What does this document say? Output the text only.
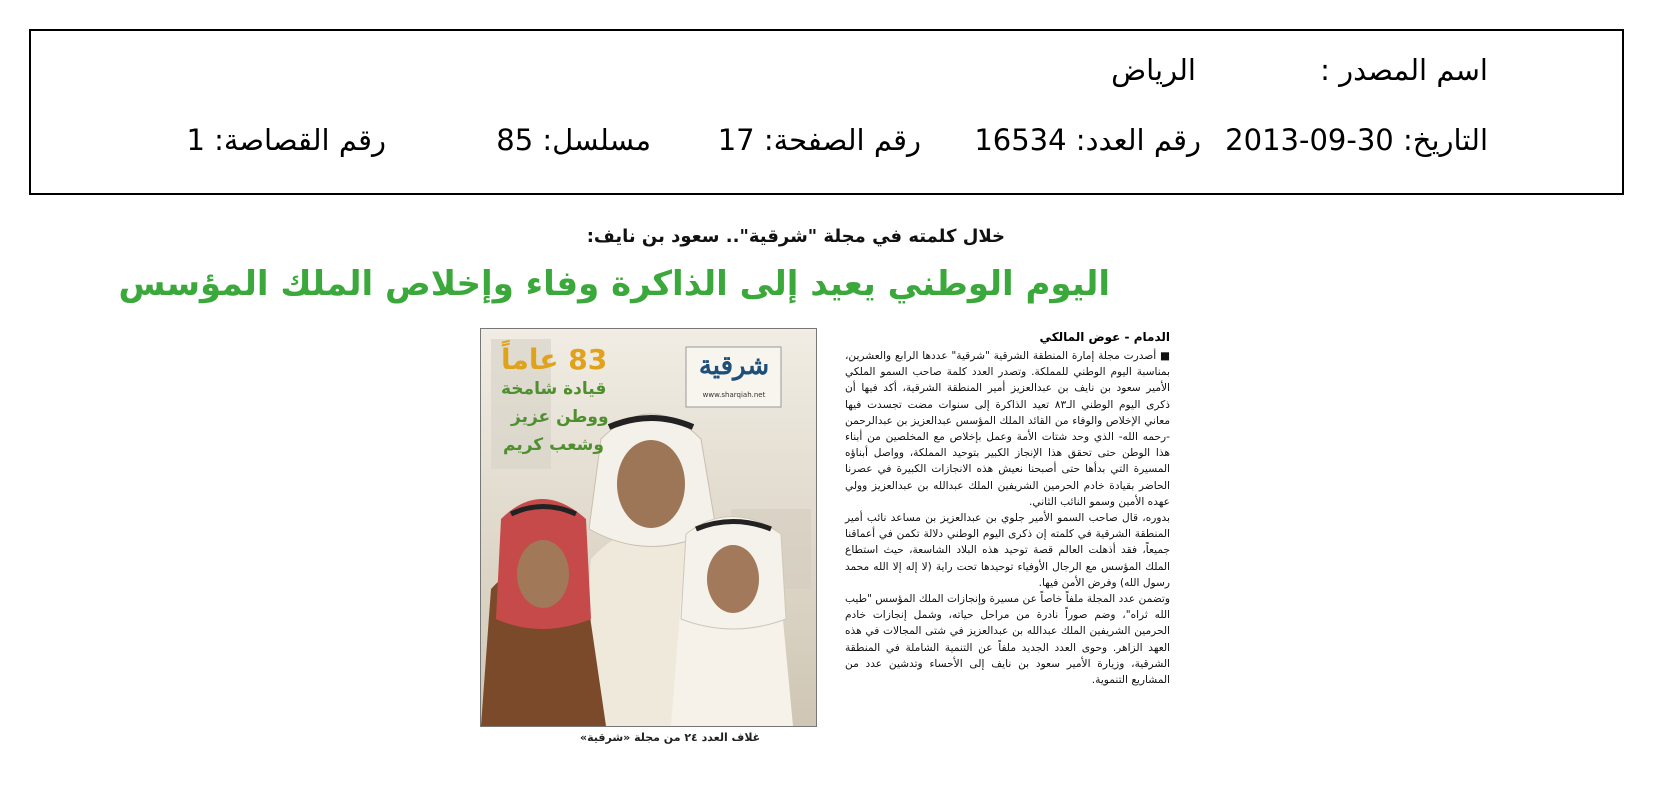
اسم المصدر :
الرياض
التاريخ: 30-09-2013
رقم العدد: 16534
رقم الصفحة: 17
مسلسل: 85
رقم القصاصة: 1
خلال كلمته في مجلة "شرقية".. سعود بن نايف:
اليوم الوطني يعيد إلى الذاكرة وفاء وإخلاص الملك المؤسس
شرقية
www.sharqiah.net
83 عاماً
قيادة شامخة
ووطن عزيز
وشعب كريم
غلاف العدد ٢٤ من مجلة «شرقية»
الدمام - عوض المالكي

■ أصدرت مجلة إمارة المنطقة الشرقية "شرقية" عددها الرابع والعشرين، بمناسبة اليوم الوطني للمملكة. وتصدر العدد كلمة صاحب السمو الملكي الأمير سعود بن نايف بن عبدالعزيز أمير المنطقة الشرقية، أكد فيها أن ذكرى اليوم الوطني الـ٨٣ تعيد الذاكرة إلى سنوات مضت تجسدت فيها معاني الإخلاص والوفاء من القائد الملك المؤسس عبدالعزيز بن عبدالرحمن -رحمه الله- الذي وحد شتات الأمة وعمل بإخلاص مع المخلصين من أبناء هذا الوطن حتى تحقق هذا الإنجاز الكبير بتوحيد المملكة، وواصل أبناؤه المسيرة التي بدأها حتى أصبحنا نعيش هذه الانجازات الكبيرة في عصرنا الحاضر بقيادة خادم الحرمين الشريفين الملك عبدالله بن عبدالعزيز وولي عهده الأمين وسمو النائب الثاني.

بدوره، قال صاحب السمو الأمير جلوي بن عبدالعزيز بن مساعد نائب أمير المنطقة الشرقية في كلمته إن ذكرى اليوم الوطني دلالة تكمن في أعماقنا جميعاً، فقد أذهلت العالم قصة توحيد هذه البلاد الشاسعة، حيث استطاع الملك المؤسس مع الرجال الأوفياء توحيدها تحت راية (لا إله إلا الله محمد رسول الله) وفرض الأمن فيها.

وتضمن عدد المجلة ملفاً خاصاً عن مسيرة وإنجازات الملك المؤسس "طيب الله ثراه"، وضم صوراً نادرة من مراحل حياته، وشمل إنجازات خادم الحرمين الشريفين الملك عبدالله بن عبدالعزيز في شتى المجالات في هذه العهد الزاهر. وحوى العدد الجديد ملفاً عن التنمية الشاملة في المنطقة الشرقية، وزيارة الأمير سعود بن نايف إلى الأحساء وتدشين عدد من المشاريع التنموية.
